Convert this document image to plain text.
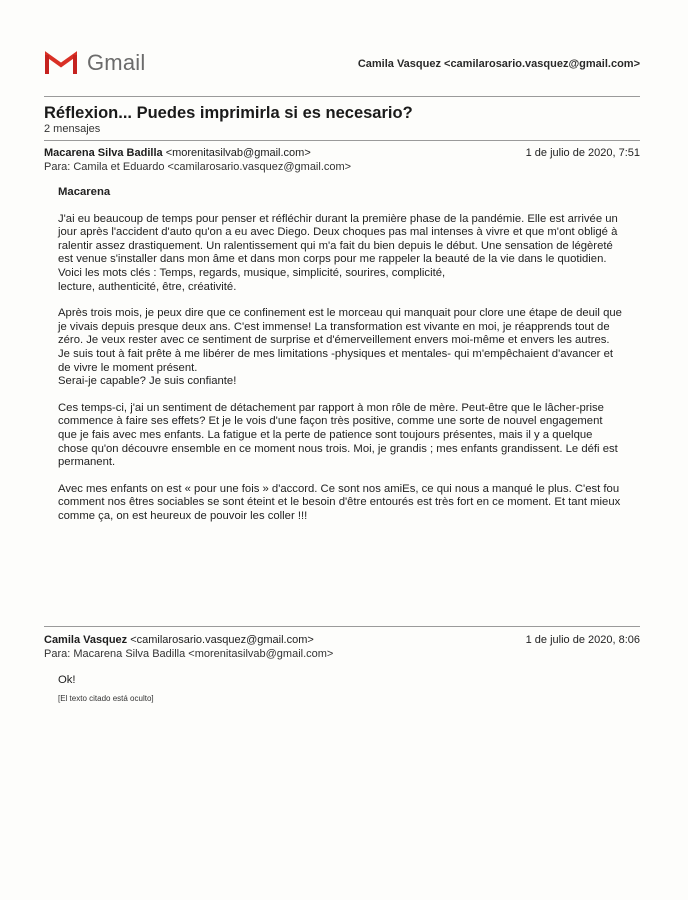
Gmail	Camila Vasquez <camilarosario.vasquez@gmail.com>
Réflexion... Puedes imprimirla si es necesario?
2 mensajes
Macarena Silva Badilla <morenitasilvab@gmail.com>
Para: Camila et Eduardo <camilarosario.vasquez@gmail.com>
1 de julio de 2020, 7:51
Macarena

J'ai eu beaucoup de temps pour penser et réfléchir durant la première phase de la pandémie. Elle est arrivée un jour après l'accident d'auto qu'on a eu avec Diego. Deux choques pas mal intenses à vivre et que m'ont obligé à ralentir assez drastiquement. Un ralentissement qui m'a fait du bien depuis le début. Une sensation de légèreté est venue s'installer dans mon âme et dans mon corps pour me rappeler la beauté de la vie dans le quotidien. Voici les mots clés : Temps, regards, musique, simplicité, sourires, complicité,
lecture, authenticité, être, créativité.

Après trois mois, je peux dire que ce confinement est le morceau qui manquait pour clore une étape de deuil que je vivais depuis presque deux ans. C'est immense! La transformation est vivante en moi, je réapprends tout de zéro. Je veux rester avec ce sentiment de surprise et d'émerveillement envers moi-même et envers les autres. Je suis tout à fait prête à me libérer de mes limitations -physiques et mentales- qui m'empêchaient d'avancer et de vivre le moment présent.
Serai-je capable? Je suis confiante!

Ces temps-ci, j'ai un sentiment de détachement par rapport à mon rôle de mère. Peut-être que le lâcher-prise commence à faire ses effets? Et je le vois d'une façon très positive, comme une sorte de nouvel engagement que je fais avec mes enfants. La fatigue et la perte de patience sont toujours présentes, mais il y a quelque chose qu'on découvre ensemble en ce moment nous trois. Moi, je grandis ; mes enfants grandissent. Le défi est permanent.

Avec mes enfants on est « pour une fois » d'accord. Ce sont nos amiEs, ce qui nous a manqué le plus. C'est fou comment nos êtres sociables se sont éteint et le besoin d'être entourés est très fort en ce moment. Et tant mieux comme ça, on est heureux de pouvoir les coller !!!

Camila Vasquez <camilarosario.vasquez@gmail.com>
Para: Macarena Silva Badilla <morenitasilvab@gmail.com>
1 de julio de 2020, 8:06
Ok!
[El texto citado está oculto]
